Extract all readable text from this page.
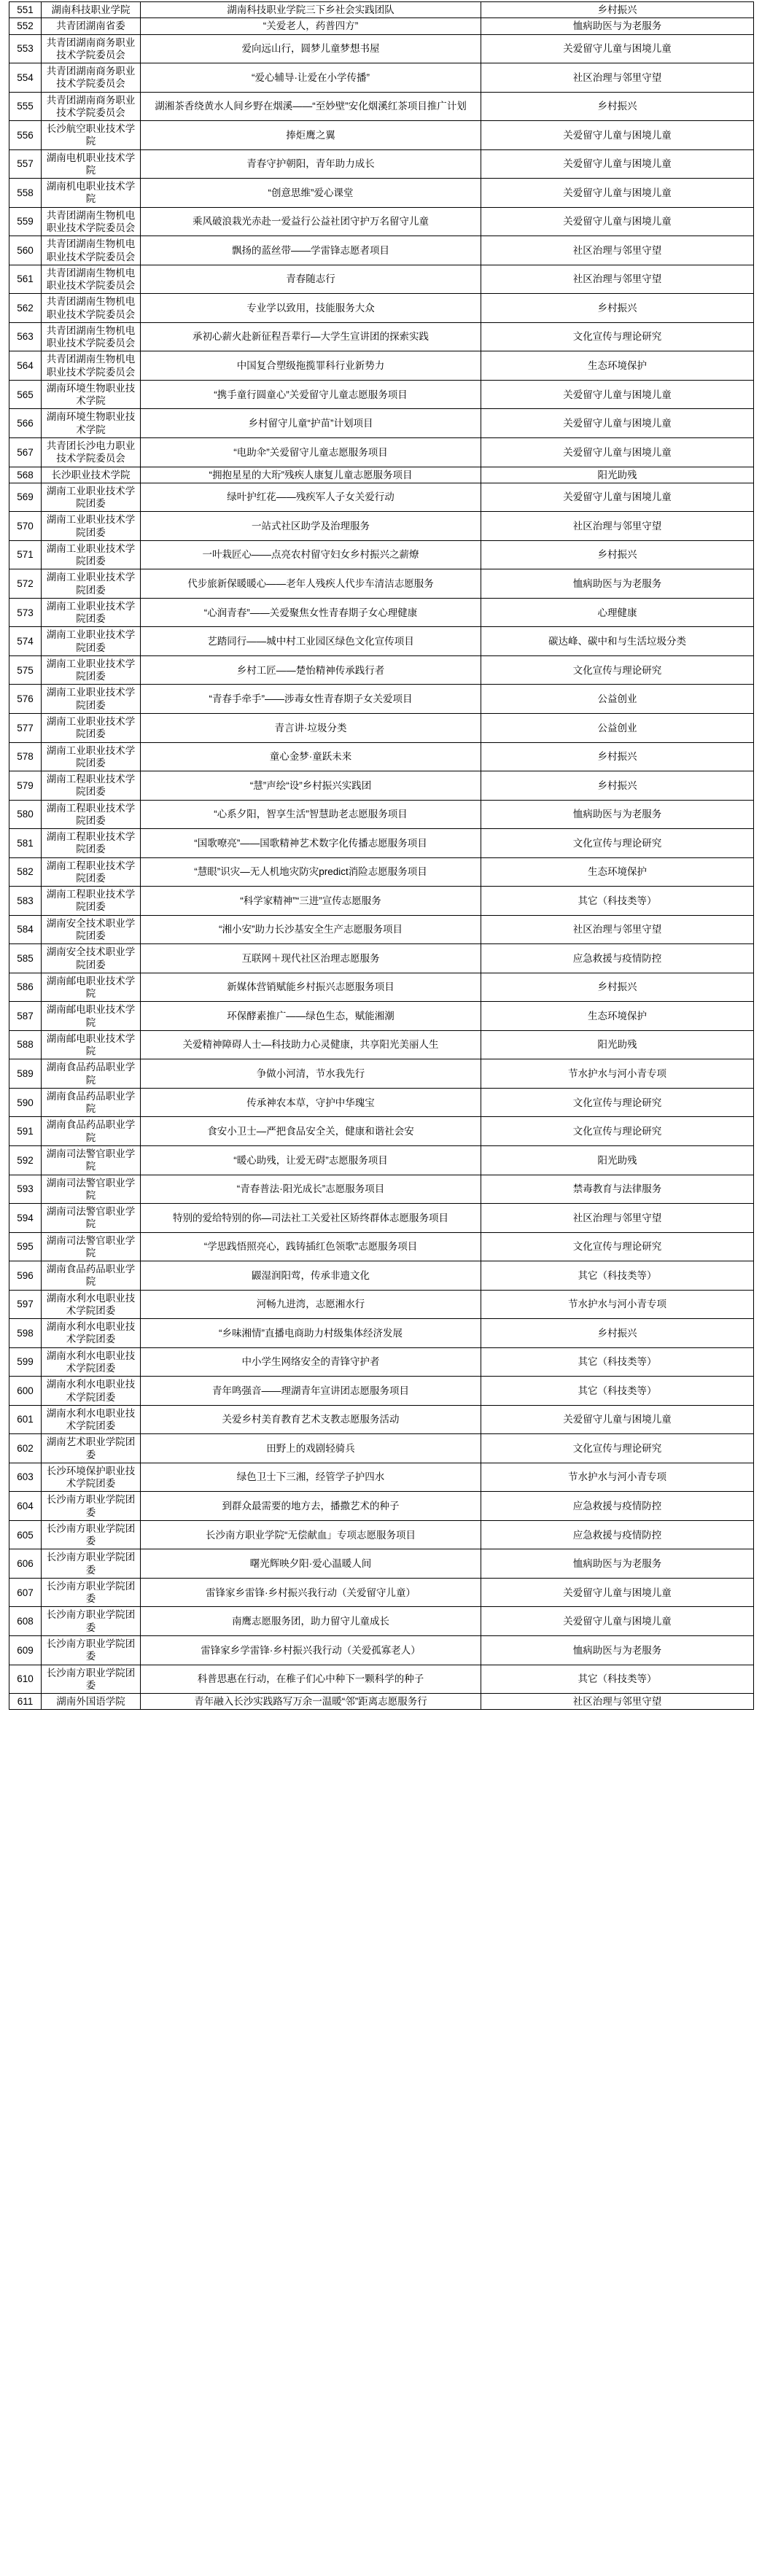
551	湖南科技职业学院	湖南科技职业学院三下乡社会实践团队	乡村振兴
552	共青团湖南省委	“关爱老人，药普四方”	恤病助医与为老服务
553	共青团湖南商务职业技术学院委员会	爱向远山行，圆梦儿童梦想书屋	关爱留守儿童与困境儿童
554	共青团湖南商务职业技术学院委员会	“爱心辅导·让爱在小学传播”	社区治理与邻里守望
555	共青团湖南商务职业技术学院委员会	湖湘茶香绕黄水人间乡野在烟溪——“至妙壁”安化烟溪红茶项目推广计划	乡村振兴
556	长沙航空职业技术学院	捧炬鹰之翼	关爱留守儿童与困境儿童
557	湖南电机职业技术学院	青春守护朝阳，青年助力成长	关爱留守儿童与困境儿童
558	湖南机电职业技术学院	“创意思维”爱心课堂	关爱留守儿童与困境儿童
559	共青团湖南生物机电职业技术学院委员会	乘风破浪栽光赤赴一爱益行公益社团守护万名留守儿童	关爱留守儿童与困境儿童
560	共青团湖南生物机电职业技术学院委员会	飘扬的蓝丝带——学雷锋志愿者项目	社区治理与邻里守望
561	共青团湖南生物机电职业技术学院委员会	青春随志行	社区治理与邻里守望
562	共青团湖南生物机电职业技术学院委员会	专业学以致用，技能服务大众	乡村振兴
563	共青团湖南生物机电职业技术学院委员会	承初心薪火赴新征程吾辈行—大学生宣讲团的探索实践	文化宣传与理论研究
564	共青团湖南生物机电职业技术学院委员会	中国复合塑级拖揽罪科行业新势力	生态环境保护
565	湖南环境生物职业技术学院	“携手童行圆童心”关爱留守儿童志愿服务项目	关爱留守儿童与困境儿童
566	湖南环境生物职业技术学院	乡村留守儿童“护苗”计划项目	关爱留守儿童与困境儿童
567	共青团长沙电力职业技术学院委员会	“电助伞”关爱留守儿童志愿服务项目	关爱留守儿童与困境儿童
568	长沙职业技术学院	“拥抱星星的大珩”残疾人康复儿童志愿服务项目	阳光助残
569	湖南工业职业技术学院团委	绿叶护红花——残疾军人子女关爱行动	关爱留守儿童与困境儿童
570	湖南工业职业技术学院团委	一站式社区助学及治理服务	社区治理与邻里守望
571	湖南工业职业技术学院团委	一叶栽匠心——点亮农村留守妇女乡村振兴之薪燎	乡村振兴
572	湖南工业职业技术学院团委	代步旅新保暖暖心——老年人残疾人代步车清洁志愿服务	恤病助医与为老服务
573	湖南工业职业技术学院团委	“心润青春”——关爱聚焦女性青春期子女心理健康	心理健康
574	湖南工业职业技术学院团委	艺踏同行——城中村工业园区绿色文化宣传项目	碳达峰、碳中和与生活垃圾分类
575	湖南工业职业技术学院团委	乡村工匠——楚怡精神传承践行者	文化宣传与理论研究
576	湖南工业职业技术学院团委	“青春手牵手”——涉毒女性青春期子女关爱项目	公益创业
577	湖南工业职业技术学院团委	青言讲·垃圾分类	公益创业
578	湖南工业职业技术学院团委	童心金梦·童跃未来	乡村振兴
579	湖南工程职业技术学院团委	“慧”声绘“设”乡村振兴实践团	乡村振兴
580	湖南工程职业技术学院团委	“心系夕阳，智享生活”智慧助老志愿服务项目	恤病助医与为老服务
581	湖南工程职业技术学院团委	“国歌嘹亮”——国歌精神艺术数字化传播志愿服务项目	文化宣传与理论研究
582	湖南工程职业技术学院团委	“慧眼”识灾—无人机地灾防灾predict消险志愿服务项目	生态环境保护
583	湖南工程职业技术学院团委	“科学家精神”“三进”宣传志愿服务	其它（科技类等）
584	湖南安全技术职业学院团委	“湘小安”助力长沙基安全生产志愿服务项目	社区治理与邻里守望
585	湖南安全技术职业学院团委	互联网＋现代社区治理志愿服务	应急救援与疫情防控
586	湖南邮电职业技术学院	新媒体营销赋能乡村振兴志愿服务项目	乡村振兴
587	湖南邮电职业技术学院	环保酵素推广——绿色生态，赋能湘潮	生态环境保护
588	湖南邮电职业技术学院	关爱精神障碍人士—科技助力心灵健康，共享阳光美丽人生	阳光助残
589	湖南食品药品职业学院	争做小河清，节水我先行	节水护水与河小青专项
590	湖南食品药品职业学院	传承神农本草，守护中华瑰宝	文化宣传与理论研究
591	湖南食品药品职业学院	食安小卫士—严把食品安全关，健康和谐社会安	文化宣传与理论研究
592	湖南司法警官职业学院	“暖心助残，让爱无碍”志愿服务项目	阳光助残
593	湖南司法警官职业学院	“青春普法·阳光成长”志愿服务项目	禁毒教育与法律服务
594	湖南司法警官职业学院	特别的爱给特别的你—司法社工关爱社区矫终群体志愿服务项目	社区治理与邻里守望
595	湖南司法警官职业学院	“学思践悟照亮心，践铸插红色领歌”志愿服务项目	文化宣传与理论研究
596	湖南食品药品职业学院	鼹湿润阳莺，传承非遗文化	其它（科技类等）
597	湖南水利水电职业技术学院团委	河畅九进湾，志愿湘水行	节水护水与河小青专项
598	湖南水利水电职业技术学院团委	“乡味湘情”直播电商助力村级集体经济发展	乡村振兴
599	湖南水利水电职业技术学院团委	中小学生网络安全的青锋守护者	其它（科技类等）
600	湖南水利水电职业技术学院团委	青年鸣强音——理湖青年宣讲团志愿服务项目	其它（科技类等）
601	湖南水利水电职业技术学院团委	关爱乡村美育教育艺术支教志愿服务活动	关爱留守儿童与困境儿童
602	湖南艺术职业学院团委	田野上的戏剧轻骑兵	文化宣传与理论研究
603	长沙环境保护职业技术学院团委	绿色卫士下三湘，经管学子护四水	节水护水与河小青专项
604	长沙南方职业学院团委	到群众最需要的地方去，播撒艺术的种子	应急救援与疫情防控
605	长沙南方职业学院团委	长沙南方职业学院“无偿献血」专项志愿服务项目	应急救援与疫情防控
606	长沙南方职业学院团委	曙光辉映夕阳·爱心温暖人间	恤病助医与为老服务
607	长沙南方职业学院团委	雷锋家乡雷锋·乡村振兴我行动（关爱留守儿童）	关爱留守儿童与困境儿童
608	长沙南方职业学院团委	南鹰志愿服务团，助力留守儿童成长	关爱留守儿童与困境儿童
609	长沙南方职业学院团委	雷锋家乡学雷锋·乡村振兴我行动（关爱孤寡老人）	恤病助医与为老服务
610	长沙南方职业学院团委	科普思惠在行动，在稚子们心中种下一颗科学的种子	其它（科技类等）
611	湖南外国语学院	青年融入长沙实践路写万余一温暖“邻”距离志愿服务行	社区治理与邻里守望
